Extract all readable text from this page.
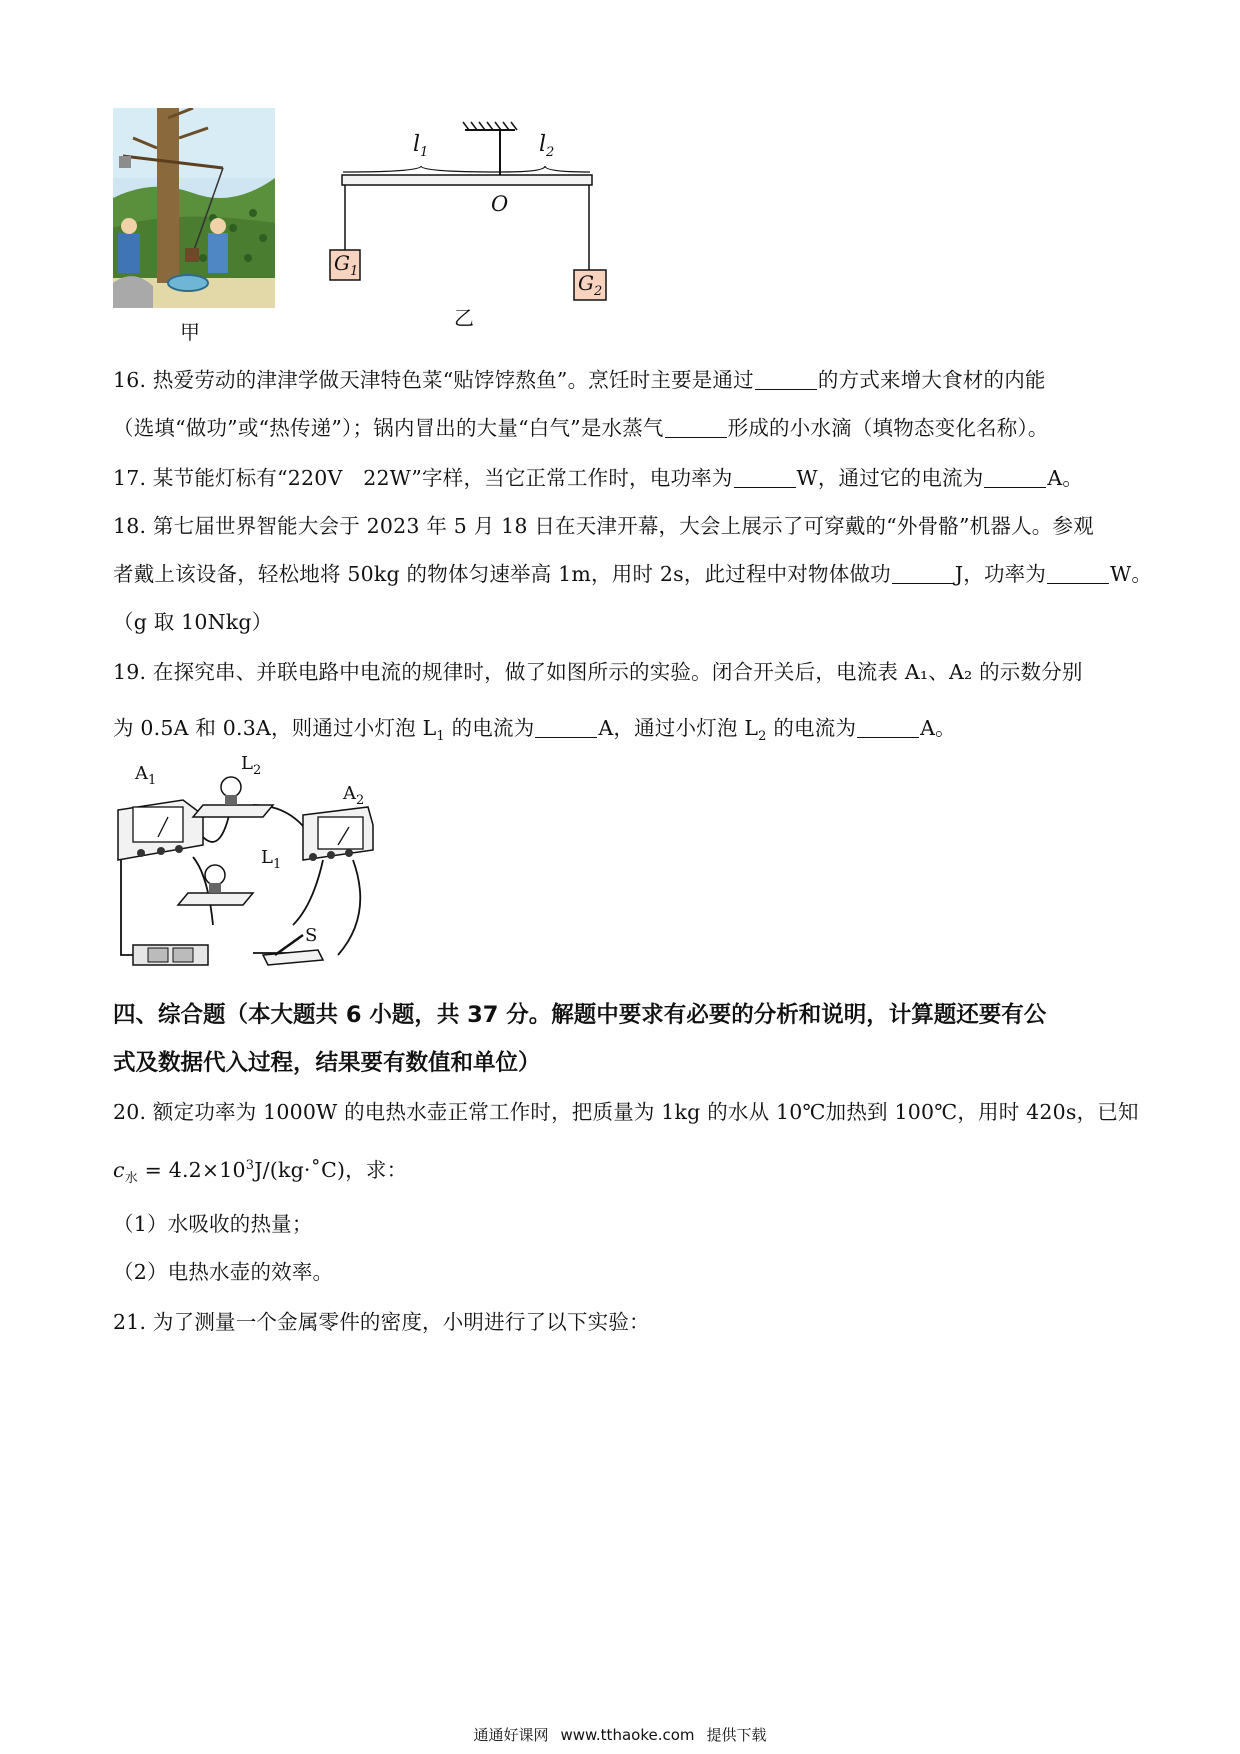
甲
$l_1$	$l_2$
O
$G_1$	$G_2$
乙
16. 热爱劳动的津津学做天津特色菜“贴饽饽熬鱼”。烹饪时主要是通过	的方式来增大食材的内能
（选填“做功”或“热传递”）；锅内冒出的大量“白气”是水蒸气	形成的小水滴（填物态变化名称）。
17. 某节能灯标有“220V　22W”字样，当它正常工作时，电功率为	W，通过它的电流为	A。
18. 第七届世界智能大会于 2023 年 5 月 18 日在天津开幕，大会上展示了可穿戴的“外骨骼”机器人。参观
者戴上该设备，轻松地将 50kg 的物体匀速举高 1m，用时 2s，此过程中对物体做功	J，功率为	W。
（g 取 10Nkg）
19. 在探究串、并联电路中电流的规律时，做了如图所示的实验。闭合开关后，电流表 A₁、A₂ 的示数分别
为 0.5A 和 0.3A，则通过小灯泡 $L_1$ 的电流为	A，通过小灯泡 $L_2$ 的电流为	A。
$A_1$
$L_2$
$A_2$
$L_1$
S
四、综合题（本大题共 6 小题，共 37 分。解题中要求有必要的分析和说明，计算题还要有公
式及数据代入过程，结果要有数值和单位）
20. 额定功率为 1000W 的电热水壶正常工作时，把质量为 1kg 的水从 10℃加热到 100℃，用时 420s，已知
$c_水$ = $4.2\times 10^3J/(kg\cdot˚C)$，求：
（1）水吸收的热量；
（2）电热水壶的效率。
21. 为了测量一个金属零件的密度，小明进行了以下实验：
通通好课网 www.tthaoke.com 提供下载
